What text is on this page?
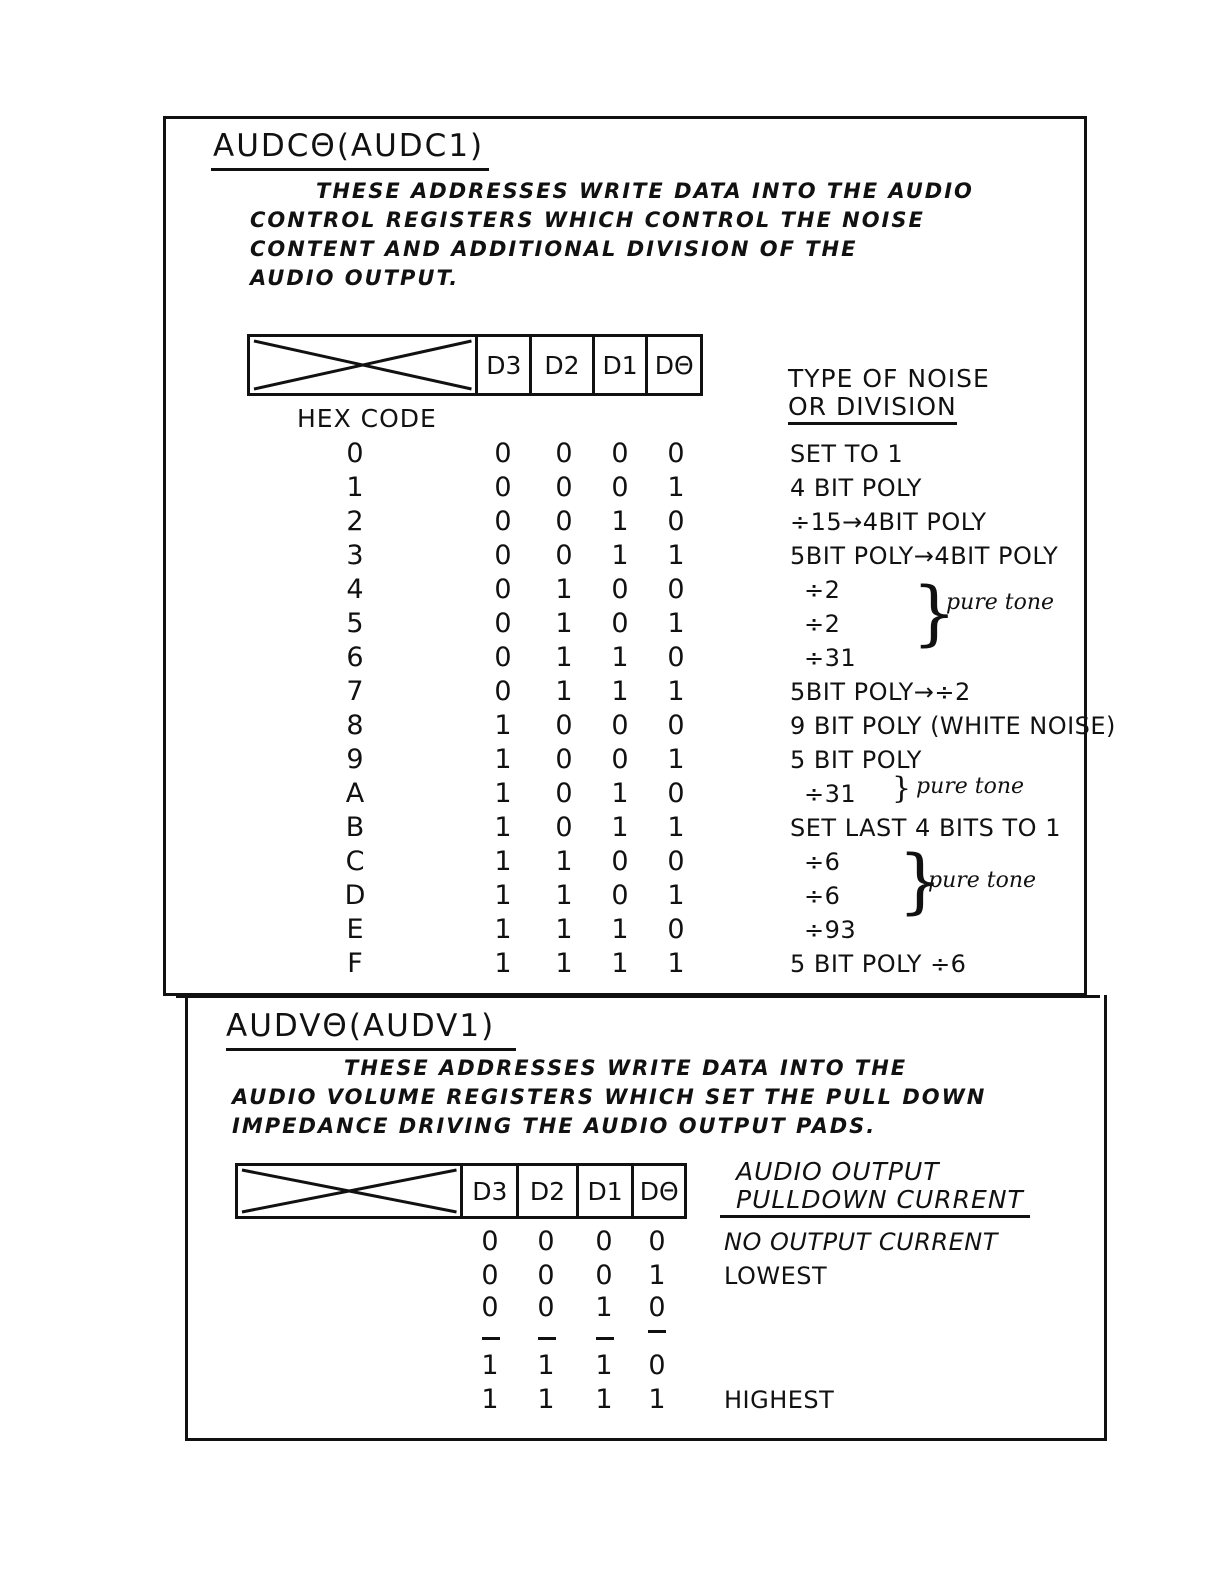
AUDCΘ(AUDC1)
THESE ADDRESSES WRITE DATA INTO THE AUDIO
CONTROL REGISTERS WHICH CONTROL THE NOISE
CONTENT AND ADDITIONAL DIVISION OF THE
AUDIO OUTPUT.
D3 D2 D1 DΘ	TYPE OF NOISE
OR DIVISION
HEX CODE
0	0	0	0	0	SET TO 1
1	0	0	0	1	4 BIT POLY
2	0	0	1	0	÷15→4BIT POLY
3	0	0	1	1	5BIT POLY→4BIT POLY
4	0	1	0	0	÷2
5	0	1	0	1	÷2
6	0	1	1	0	÷31
7	0	1	1	1	5BIT POLY→÷2
8	1	0	0	0	9 BIT POLY (WHITE NOISE)
9	1	0	0	1	5 BIT POLY
A	1	0	1	0	÷31
B	1	0	1	1	SET LAST 4 BITS TO 1
C	1	1	0	0	÷6
D	1	1	0	1	÷6
E	1	1	1	0	÷93
F	1	1	1	1	5 BIT POLY ÷6
}
pure tone
} pure tone
}
pure tone
AUDVΘ(AUDV1)
THESE ADDRESSES WRITE DATA INTO THE
AUDIO VOLUME REGISTERS WHICH SET THE PULL DOWN
IMPEDANCE DRIVING THE AUDIO OUTPUT PADS.
D3 D2 D1 DΘ
AUDIO OUTPUT
PULLDOWN CURRENT
0	0	0	0	NO OUTPUT CURRENT
0	0	0	1	LOWEST
0	0	1	0
1	1	1	0
1	1	1	1	HIGHEST
